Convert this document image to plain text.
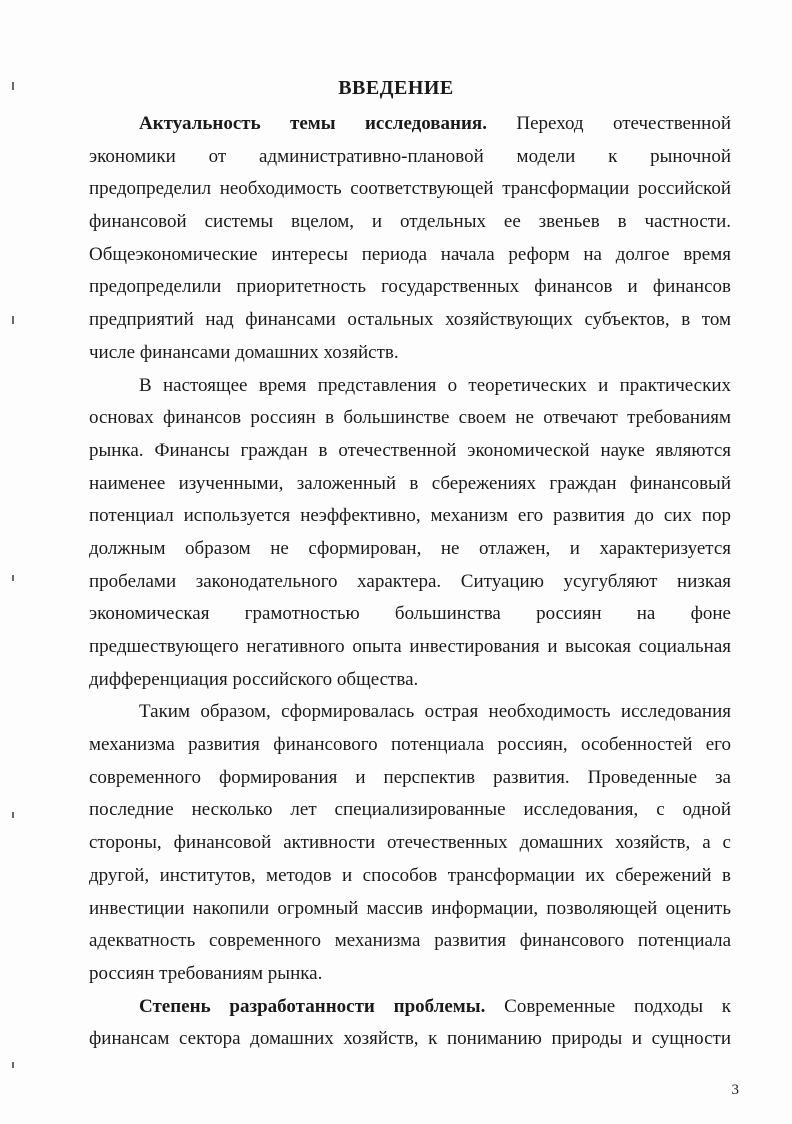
ВВЕДЕНИЕ
Актуальность темы исследования. Переход отечественной
экономики от административно-плановой модели к рыночной
предопределил необходимость соответствующей трансформации российской
финансовой системы вцелом, и отдельных ее звеньев в частности.
Общеэкономические интересы периода начала реформ на долгое время
предопределили приоритетность государственных финансов и финансов
предприятий над финансами остальных хозяйствующих субъектов, в том
числе финансами домашних хозяйств.
В настоящее время представления о теоретических и практических
основах финансов россиян в большинстве своем не отвечают требованиям
рынка. Финансы граждан в отечественной экономической науке являются
наименее изученными, заложенный в сбережениях граждан финансовый
потенциал используется неэффективно, механизм его развития до сих пор
должным образом не сформирован, не отлажен, и характеризуется
пробелами законодательного характера. Ситуацию усугубляют низкая
экономическая грамотностью большинства россиян на фоне
предшествующего негативного опыта инвестирования и высокая социальная
дифференциация российского общества.
Таким образом, сформировалась острая необходимость исследования
механизма развития финансового потенциала россиян, особенностей его
современного формирования и перспектив развития. Проведенные за
последние несколько лет специализированные исследования, с одной
стороны, финансовой активности отечественных домашних хозяйств, а с
другой, институтов, методов и способов трансформации их сбережений в
инвестиции накопили огромный массив информации, позволяющей оценить
адекватность современного механизма развития финансового потенциала
россиян требованиям рынка.
Степень разработанности проблемы. Современные подходы к
финансам сектора домашних хозяйств, к пониманию природы и сущности
3
